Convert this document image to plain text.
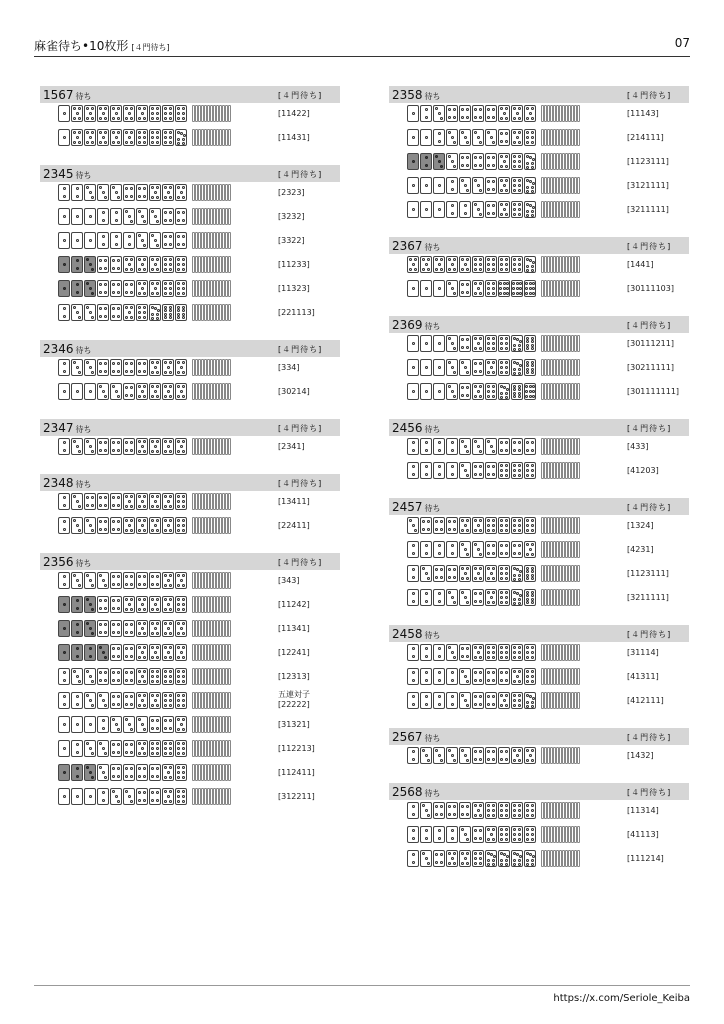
麻雀待ち•10枚形 [４門待ち]	07
1567 待ち	[４門待ち]
[11422]
[11431]
2345 待ち	[４門待ち]
[2323]
[3232]
[3322]
[11233]
[11323]
[221113]
2346 待ち	[４門待ち]
[334]
[30214]
2347 待ち	[４門待ち]
[2341]
2348 待ち	[４門待ち]
[13411]
[22411]
2356 待ち	[４門待ち]
[343]
[11242]
[11341]
[12241]
[12313]
五連対子
[22222]
[31321]
[112213]
[112411]
[312211]
2358 待ち	[４門待ち]
[11143]
[214111]
[1123111]
[3121111]
[3211111]
2367 待ち	[４門待ち]
[1441]
[30111103]
2369 待ち	[４門待ち]
[30111211]
[30211111]
[301111111]
2456 待ち	[４門待ち]
[433]
[41203]
2457 待ち	[４門待ち]
[1324]
[4231]
[1123111]
[3211111]
2458 待ち	[４門待ち]
[31114]
[41311]
[412111]
2567 待ち	[４門待ち]
[1432]
2568 待ち	[４門待ち]
[11314]
[41113]
[111214]
https://x.com/Seriole_Keiba
